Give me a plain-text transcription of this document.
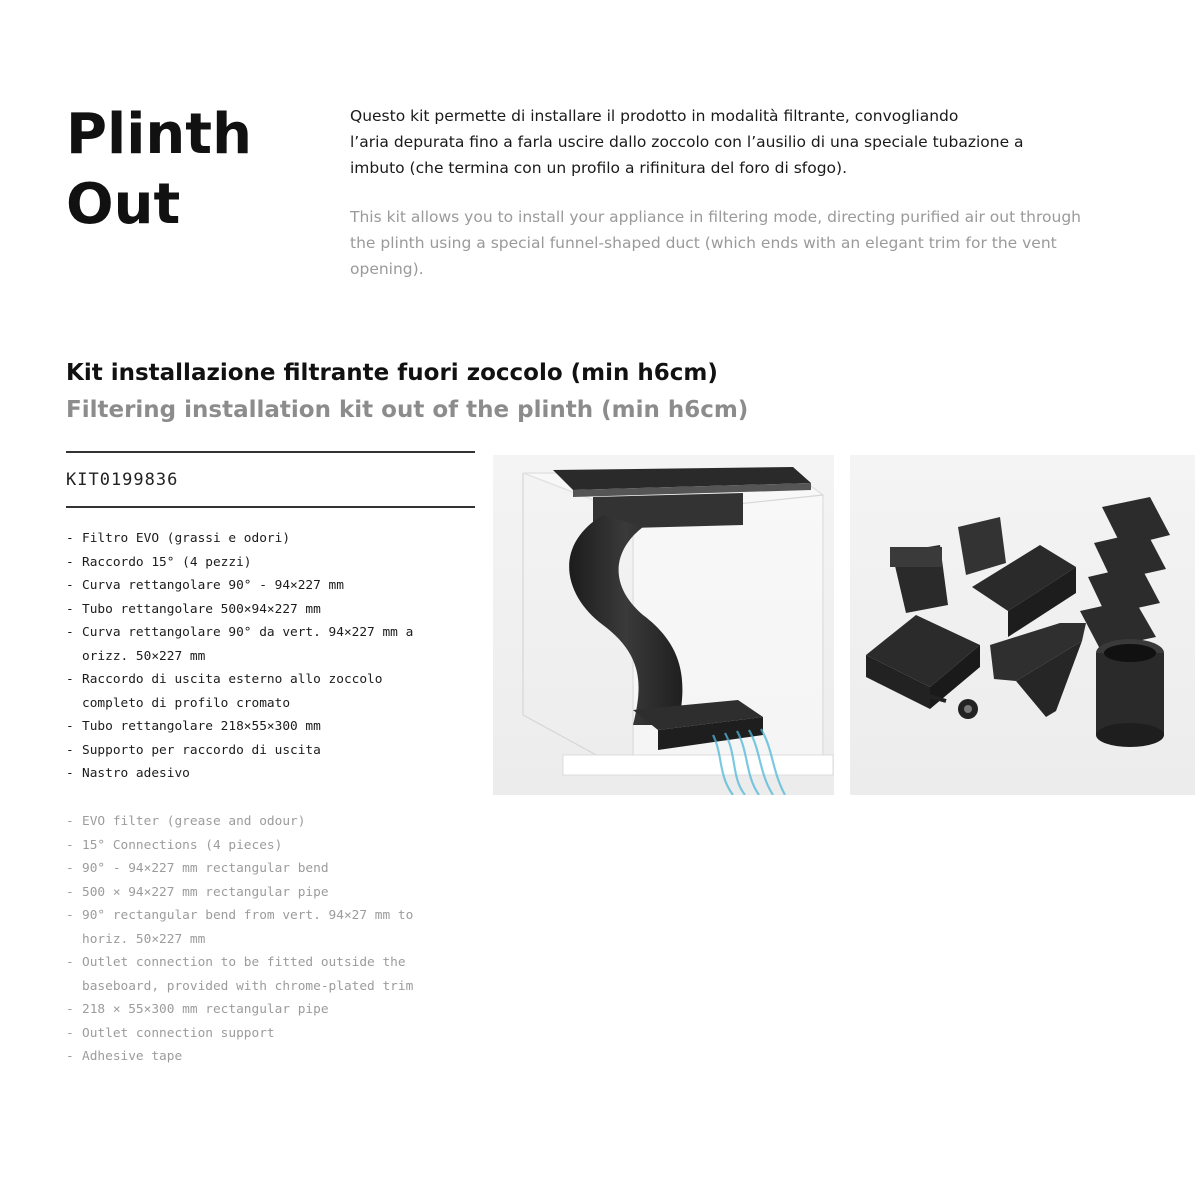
Plinth
Out

Questo kit permette di installare il prodotto in modalità filtrante, convogliando
l’aria depurata fino a farla uscire dallo zoccolo con l’ausilio di una speciale tubazione a
imbuto (che termina con un profilo a rifinitura del foro di sfogo).

This kit allows you to install your appliance in filtering mode, directing purified air out through
the plinth using a special funnel-shaped duct (which ends with an elegant trim for the vent
opening).

Kit installazione filtrante fuori zoccolo (min h6cm)
Filtering installation kit out of the plinth (min h6cm)
KIT0199836
- Filtro EVO (grassi e odori)
- Raccordo 15° (4 pezzi)
- Curva rettangolare 90° - 94×227 mm
- Tubo rettangolare 500×94×227 mm
- Curva rettangolare 90° da vert. 94×227 mm a
orizz. 50×227 mm
- Raccordo di uscita esterno allo zoccolo
completo di profilo cromato
- Tubo rettangolare 218×55×300 mm
- Supporto per raccordo di uscita
- Nastro adesivo
- EVO filter (grease and odour)
- 15° Connections (4 pieces)
- 90° - 94×227 mm rectangular bend
- 500 × 94×227 mm rectangular pipe
- 90° rectangular bend from vert. 94×27 mm to
horiz. 50×227 mm
- Outlet connection to be fitted outside the
baseboard, provided with chrome-plated trim
- 218 × 55×300 mm rectangular pipe
- Outlet connection support
- Adhesive tape
